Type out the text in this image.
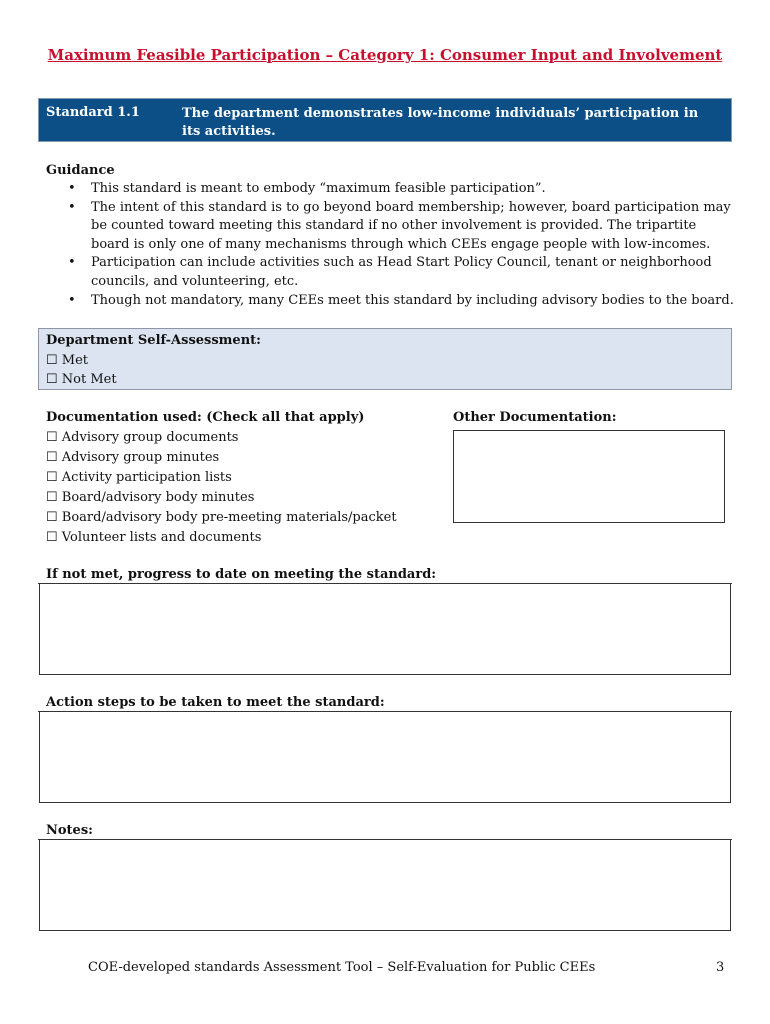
Maximum Feasible Participation – Category 1: Consumer Input and Involvement
Standard 1.1	The department demonstrates low-income individuals’ participation in its activities.
Guidance
• This standard is meant to embody “maximum feasible participation”.
• The intent of this standard is to go beyond board membership; however, board participation may be counted toward meeting this standard if no other involvement is provided. The tripartite board is only one of many mechanisms through which CEEs engage people with low-incomes.
• Participation can include activities such as Head Start Policy Council, tenant or neighborhood councils, and volunteering, etc.
• Though not mandatory, many CEEs meet this standard by including advisory bodies to the board.
Department Self-Assessment:
☐ Met
☐ Not Met
Documentation used: (Check all that apply)
☐ Advisory group documents
☐ Advisory group minutes
☐ Activity participation lists
☐ Board/advisory body minutes
☐ Board/advisory body pre-meeting materials/packet
☐ Volunteer lists and documents
Other Documentation:
If not met, progress to date on meeting the standard:
Action steps to be taken to meet the standard:
Notes:
COE-developed standards Assessment Tool – Self-Evaluation for Public CEEs	3
